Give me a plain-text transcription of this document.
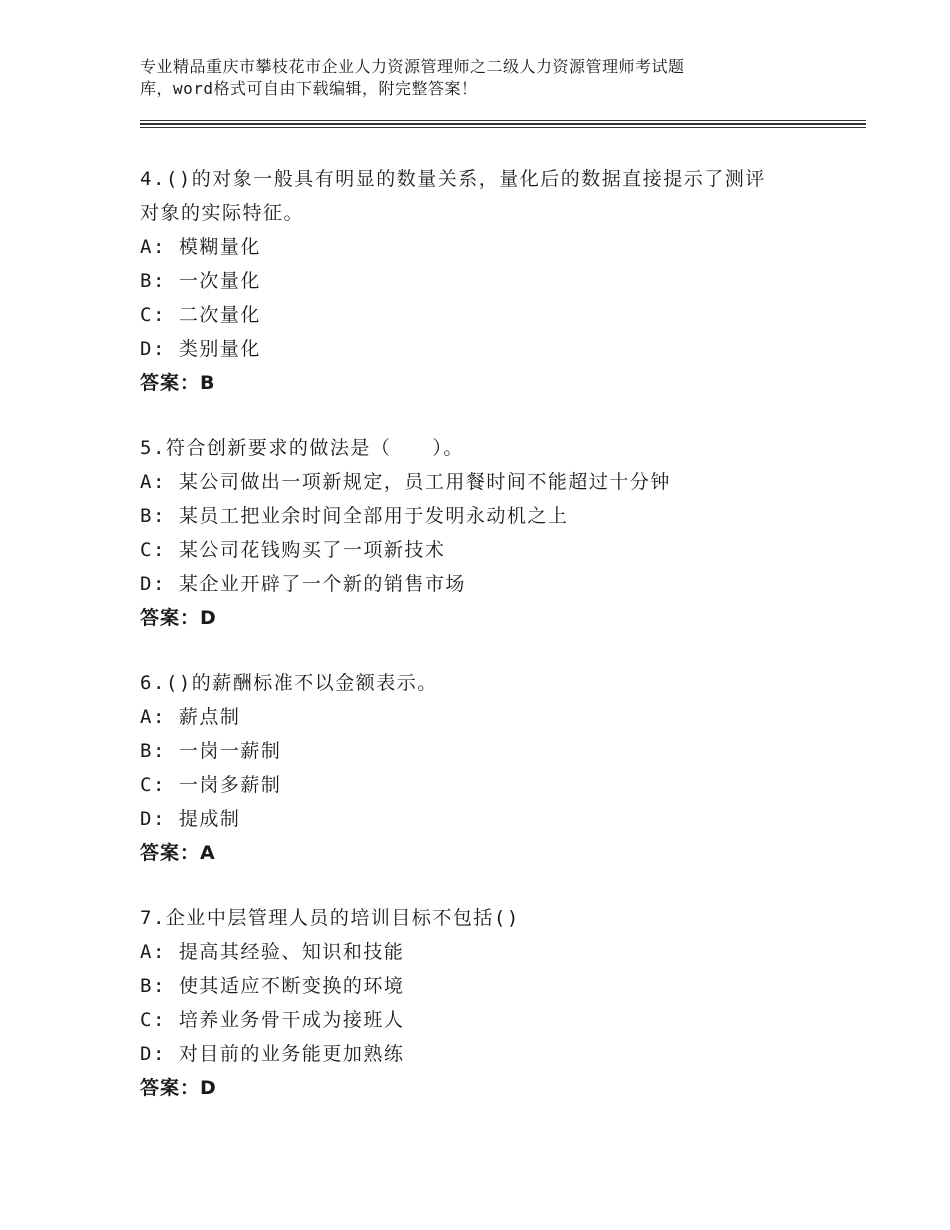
专业精品重庆市攀枝花市企业人力资源管理师之二级人力资源管理师考试题
库，word格式可自由下载编辑，附完整答案！
4.()的对象一般具有明显的数量关系，量化后的数据直接提示了测评
对象的实际特征。
A: 模糊量化
B: 一次量化
C: 二次量化
D: 类别量化
答案：B
5.符合创新要求的做法是（　　）。
A: 某公司做出一项新规定，员工用餐时间不能超过十分钟
B: 某员工把业余时间全部用于发明永动机之上
C: 某公司花钱购买了一项新技术
D: 某企业开辟了一个新的销售市场
答案：D
6.()的薪酬标准不以金额表示。
A: 薪点制
B: 一岗一薪制
C: 一岗多薪制
D: 提成制
答案：A
7.企业中层管理人员的培训目标不包括()
A: 提高其经验、知识和技能
B: 使其适应不断变换的环境
C: 培养业务骨干成为接班人
D: 对目前的业务能更加熟练
答案：D
